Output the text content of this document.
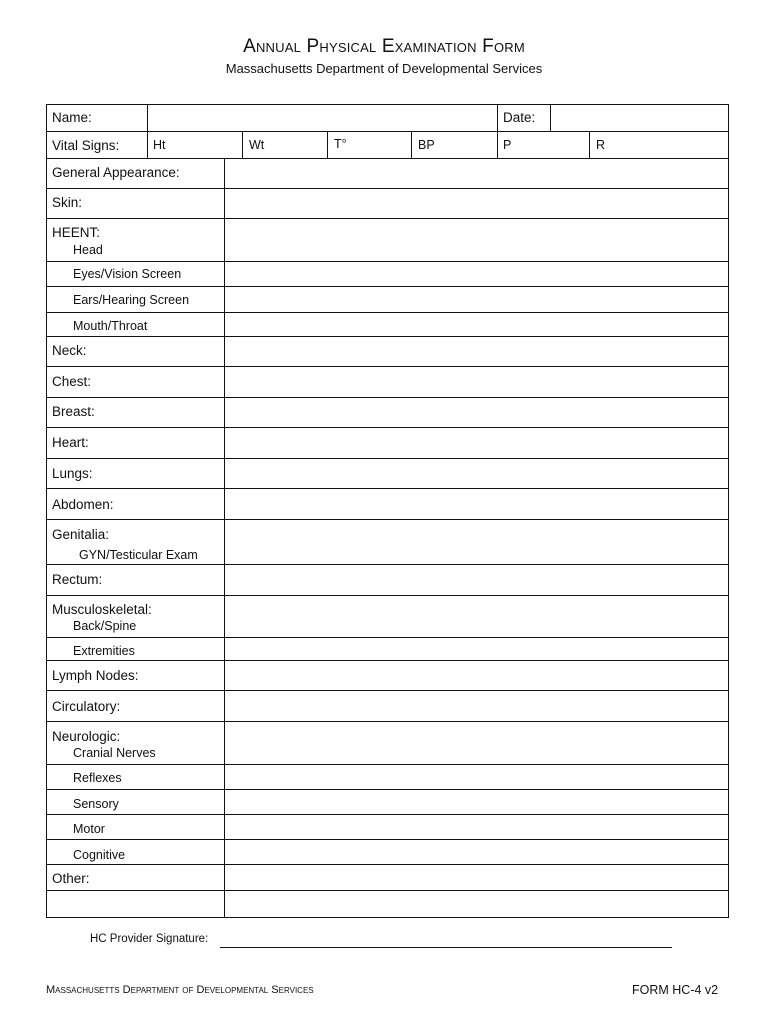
Annual Physical Examination Form
Massachusetts Department of Developmental Services
Name:	Date:
Vital Signs:	Ht	Wt	T°	BP	P	R
General Appearance:
Skin:
HEENT:
Head
Eyes/Vision Screen
Ears/Hearing Screen
Mouth/Throat
Neck:
Chest:
Breast:
Heart:
Lungs:
Abdomen:
Genitalia:
GYN/Testicular Exam
Rectum:
Musculoskeletal:
Back/Spine
Extremities
Lymph Nodes:
Circulatory:
Neurologic:
Cranial Nerves
Reflexes
Sensory
Motor
Cognitive
Other:
HC Provider Signature:
Massachusetts Department of Developmental Services	FORM HC-4 v2
